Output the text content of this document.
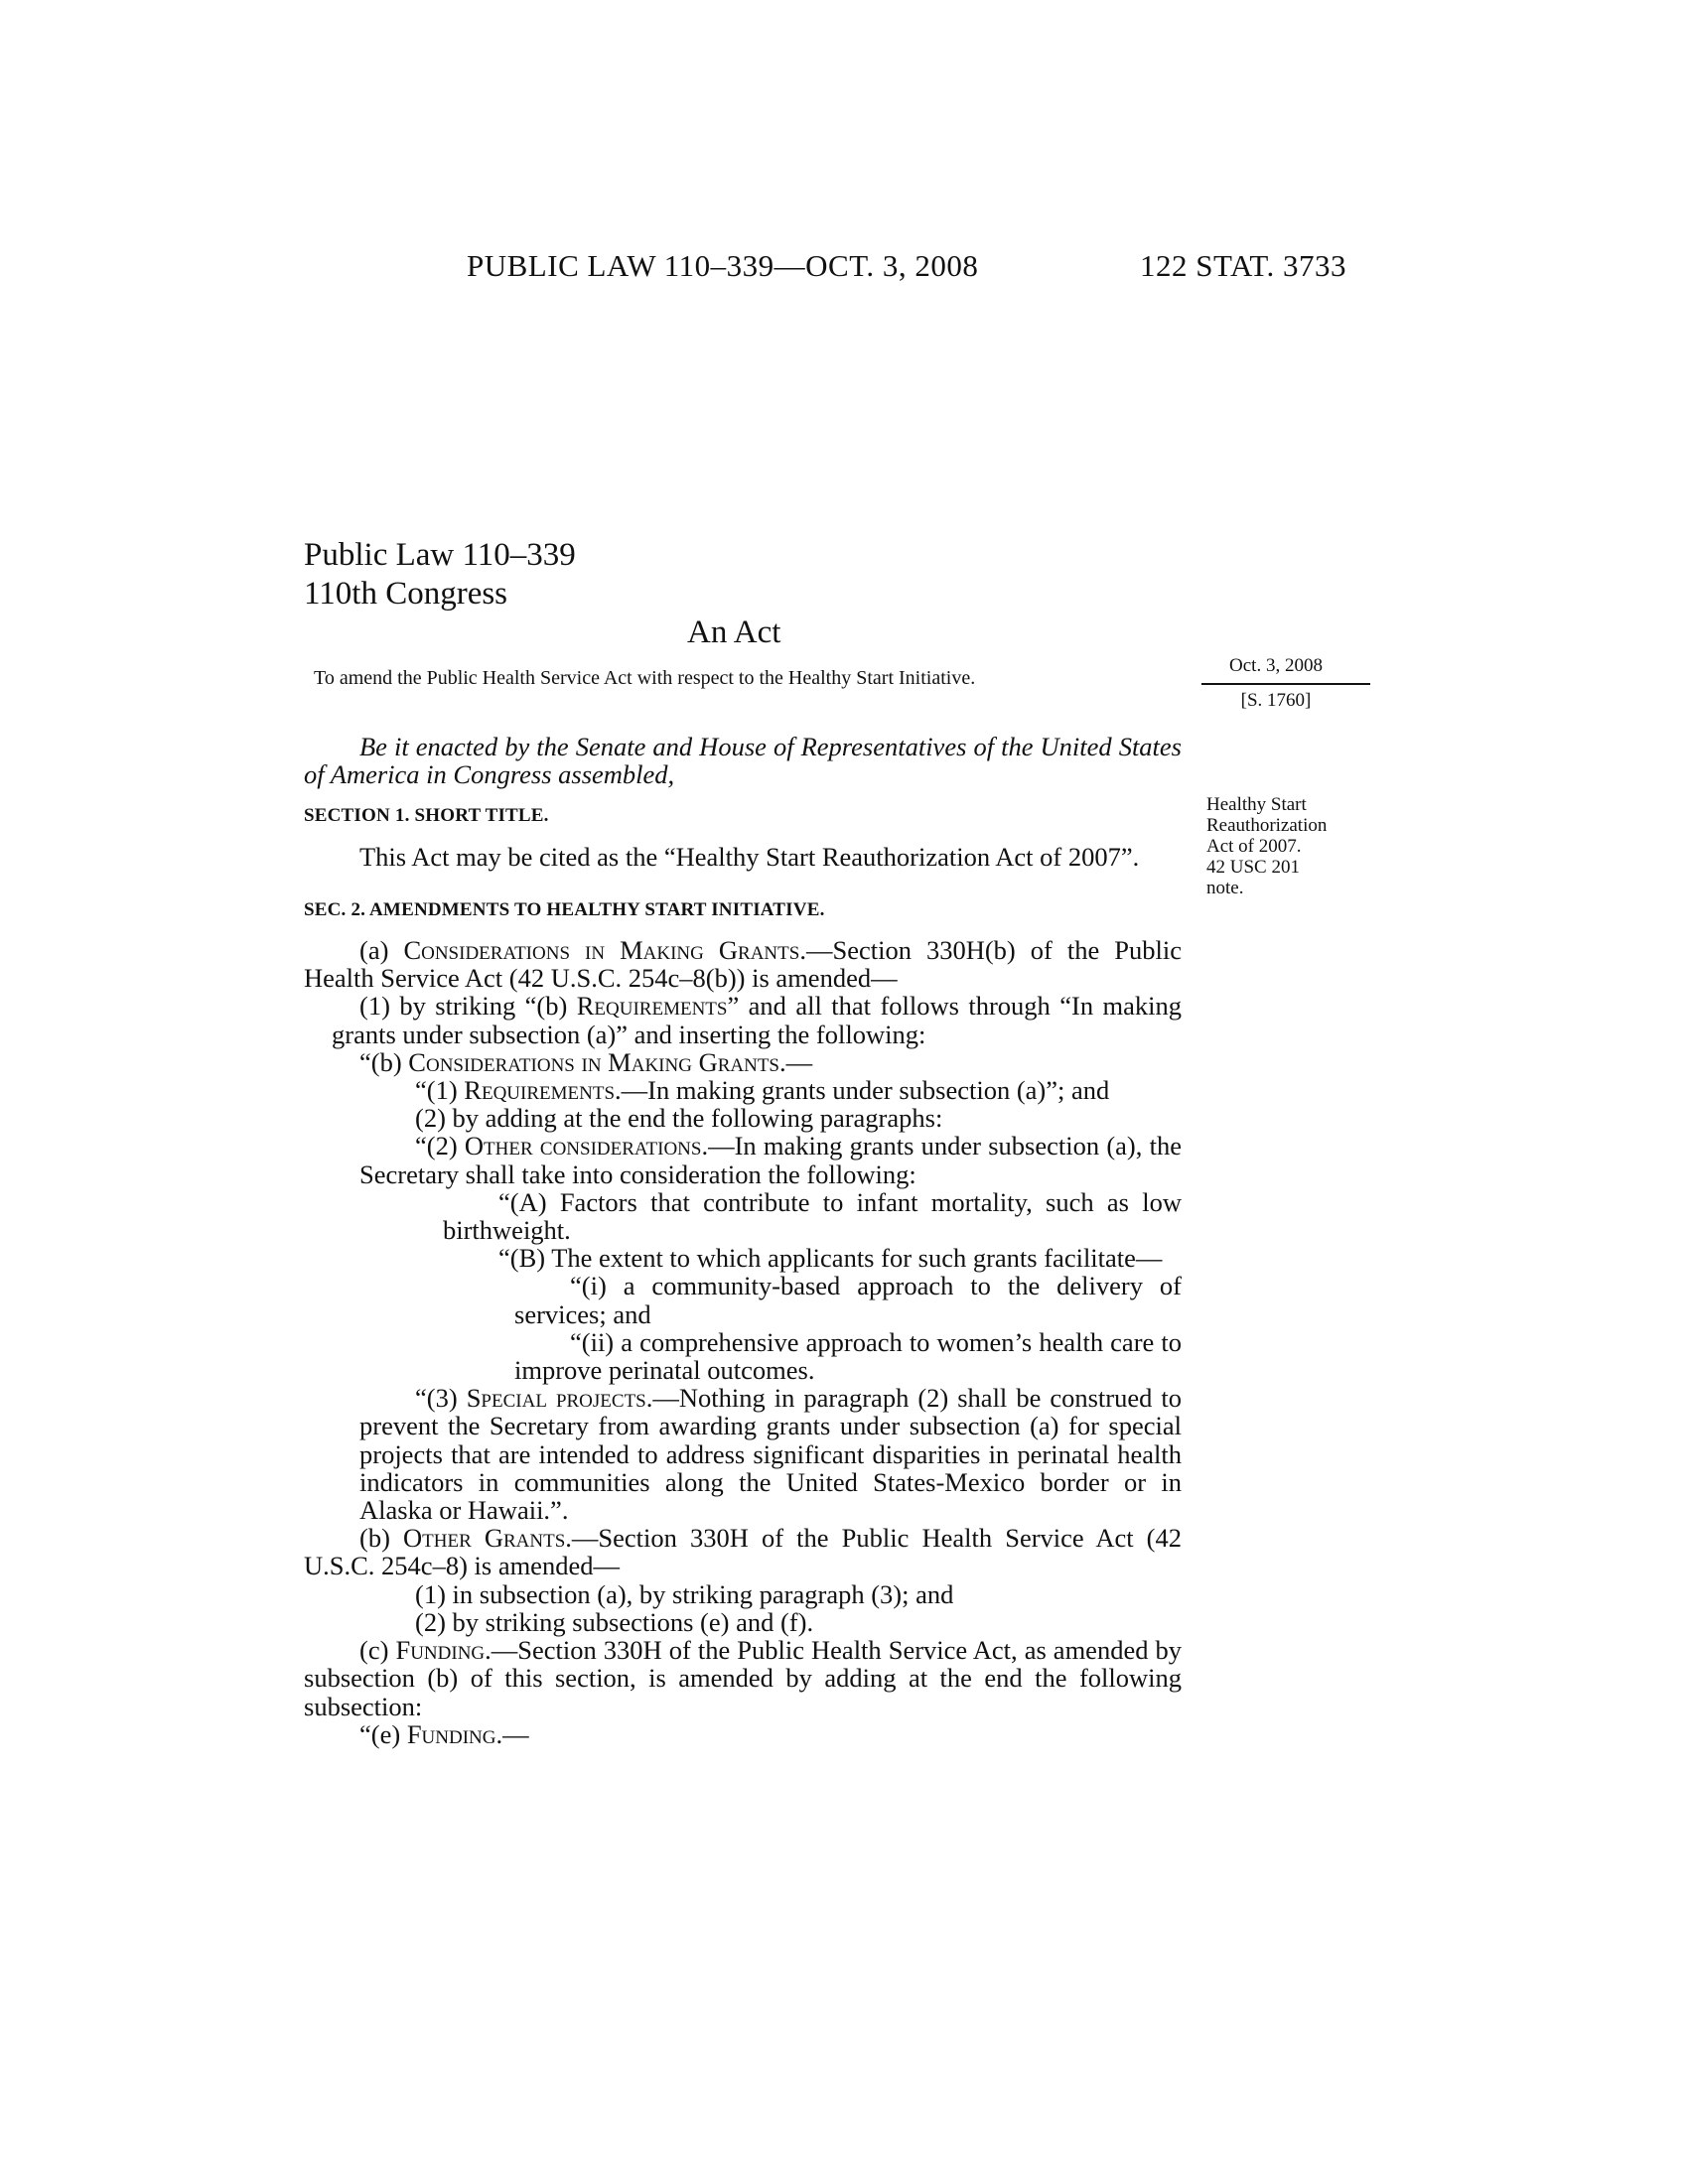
PUBLIC LAW 110–339—OCT. 3, 2008	122 STAT. 3733
Public Law 110–339
110th Congress
An Act
To amend the Public Health Service Act with respect to the Healthy Start Initiative.
Oct. 3, 2008
[S. 1760]
Healthy Start
Reauthorization
Act of 2007.
42 USC 201
note.

Be it enacted by the Senate and House of Representatives of the United States of America in Congress assembled,

SECTION 1. SHORT TITLE.

This Act may be cited as the “Healthy Start Reauthorization Act of 2007”.

SEC. 2. AMENDMENTS TO HEALTHY START INITIATIVE.

(a) Considerations in Making Grants.—Section 330H(b) of the Public Health Service Act (42 U.S.C. 254c–8(b)) is amended—

(1) by striking “(b) Requirements” and all that follows through “In making grants under subsection (a)” and inserting the following:

“(b) Considerations in Making Grants.—

“(1) Requirements.—In making grants under subsection (a)”; and

(2) by adding at the end the following paragraphs:

“(2) Other considerations.—In making grants under subsection (a), the Secretary shall take into consideration the following:

“(A) Factors that contribute to infant mortality, such as low birthweight.

“(B) The extent to which applicants for such grants facilitate—

“(i) a community-based approach to the delivery of services; and

“(ii) a comprehensive approach to women’s health care to improve perinatal outcomes.

“(3) Special projects.—Nothing in paragraph (2) shall be construed to prevent the Secretary from awarding grants under subsection (a) for special projects that are intended to address significant disparities in perinatal health indicators in communities along the United States-Mexico border or in Alaska or Hawaii.”.

(b) Other Grants.—Section 330H of the Public Health Service Act (42 U.S.C. 254c–8) is amended—

(1) in subsection (a), by striking paragraph (3); and

(2) by striking subsections (e) and (f).

(c) Funding.—Section 330H of the Public Health Service Act, as amended by subsection (b) of this section, is amended by adding at the end the following subsection:

“(e) Funding.—
